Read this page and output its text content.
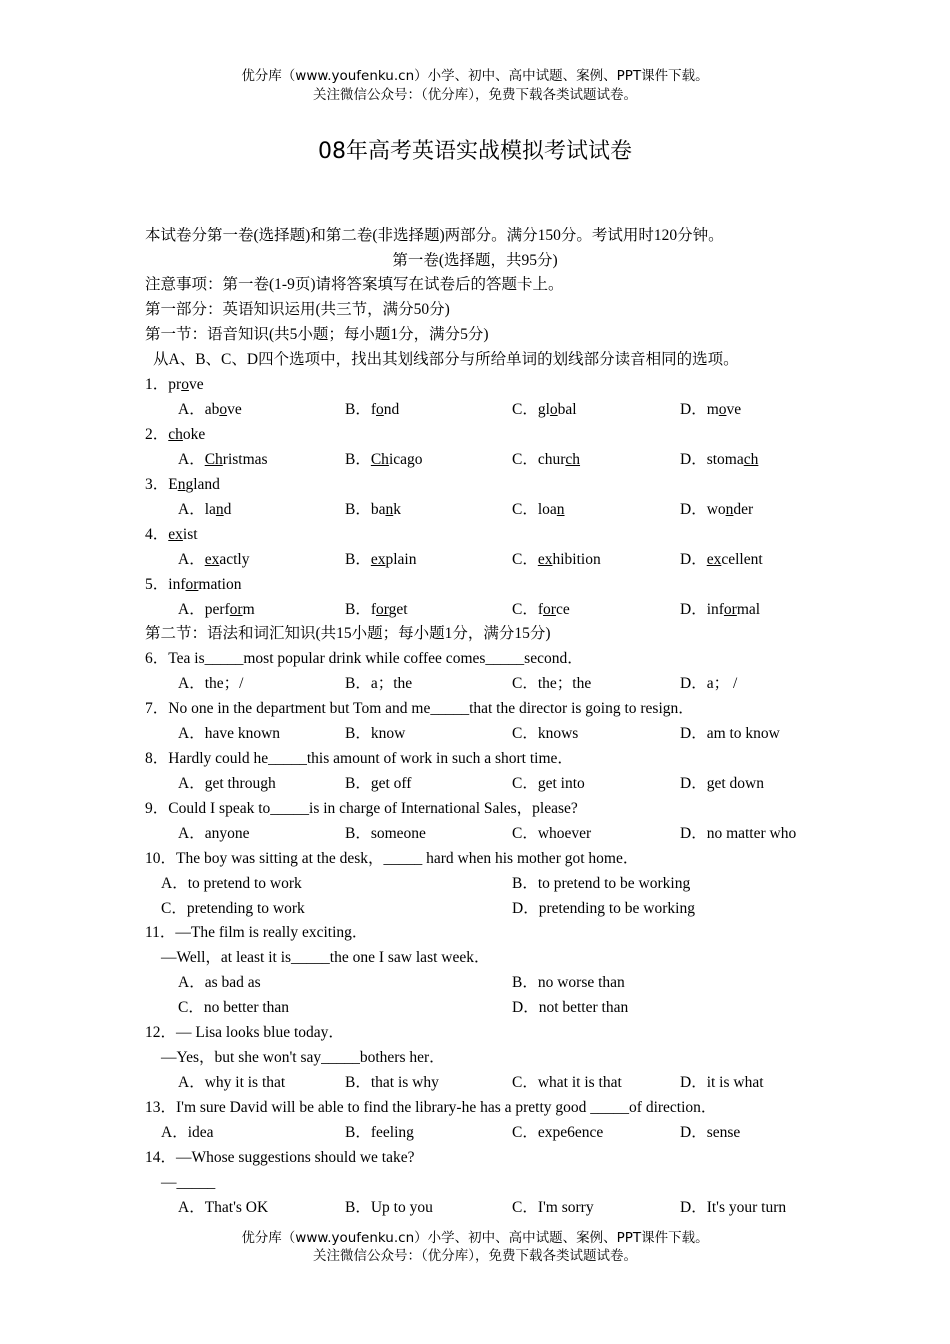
优分库（www.youfenku.cn）小学、初中、高中试题、案例、PPT课件下载。
关注微信公众号：（优分库），免费下载各类试题试卷。
08年高考英语实战模拟考试试卷
本试卷分第一卷(选择题)和第二卷(非选择题)两部分。满分150分。考试用时120分钟。
第一卷(选择题，共95分)
注意事项：第一卷(1-9页)请将答案填写在试卷后的答题卡上。
第一部分：英语知识运用(共三节，满分50分)
第一节：语音知识(共5小题；每小题1分，满分5分)
从A、B、C、D四个选项中，找出其划线部分与所给单词的划线部分读音相同的选项。
1．prove
A．above	B．fond	C．global	D．move
2．choke
A．Christmas	B．Chicago	C．church	D．stomach
3．England
A．land	B．bank	C．loan	D．wonder
4．exist
A．exactly	B．explain	C．exhibition	D．excellent
5．information
A．perform	B．forget	C．force	D．informal
第二节：语法和词汇知识(共15小题；每小题1分，满分15分)
6．Tea is_____most popular drink while coffee comes_____second．
A．the；/	B．a；the	C．the；the	D．a； /
7．No one in the department but Tom and me_____that the director is going to resign．
A．have known	B．know	C．knows	D．am to know
8．Hardly could he_____this amount of work in such a short time．
A．get through	B．get off	C．get into	D．get down
9．Could I speak to_____is in charge of International Sales，please?
A．anyone	B．someone	C．whoever	D．no matter who
10．The boy was sitting at the desk，_____ hard when his mother got home．
A．to pretend to work	B．to pretend to be working
C．pretending to work	D．pretending to be working
11．—The film is really exciting．
—Well，at least it is_____the one I saw last week．
A．as bad as	B．no worse than
C．no better than	D．not better than
12．— Lisa looks blue today．
—Yes，but she won't say_____bothers her．
A．why it is that	B．that is why	C．what it is that	D．it is what
13．I'm sure David will be able to find the library-he has a pretty good _____of direction．
A．idea	B．feeling	C．expe6ence	D．sense
14．—Whose suggestions should we take?
—_____
A．That's OK	B．Up to you	C．I'm sorry	D．It's your turn
优分库（www.youfenku.cn）小学、初中、高中试题、案例、PPT课件下载。
关注微信公众号：（优分库），免费下载各类试题试卷。
